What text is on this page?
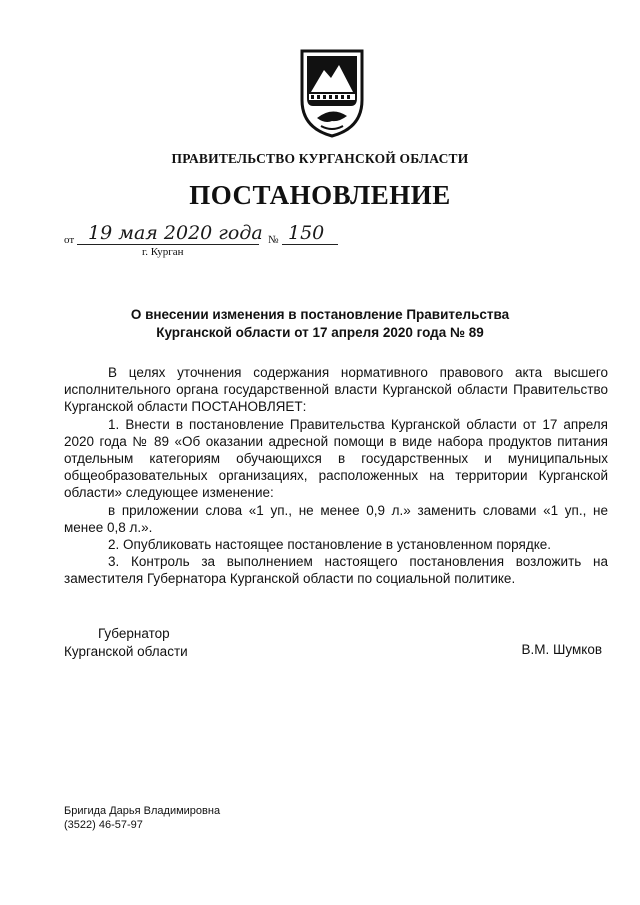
ПРАВИТЕЛЬСТВО КУРГАНСКОЙ ОБЛАСТИ
ПОСТАНОВЛЕНИЕ
от 19 мая 2020 года № 150
г. Курган
О внесении изменения в постановление Правительства
Курганской области от 17 апреля 2020 года № 89

В целях уточнения содержания нормативного правового акта высшего исполнительного органа государственной власти Курганской области Правительство Курганской области ПОСТАНОВЛЯЕТ:

1. Внести в постановление Правительства Курганской области от 17 апреля 2020 года № 89 «Об оказании адресной помощи в виде набора продуктов питания отдельным категориям обучающихся в государственных и муниципальных общеобразовательных организациях, расположенных на территории Курганской области» следующее изменение:

в приложении слова «1 уп., не менее 0,9 л.» заменить словами «1 уп., не менее 0,8 л.».

2. Опубликовать настоящее постановление в установленном порядке.

3. Контроль за выполнением настоящего постановления возложить на заместителя Губернатора Курганской области по социальной политике.

Губернатор
Курганской области	В.М. Шумков
Бригида Дарья Владимировна
(3522) 46-57-97
